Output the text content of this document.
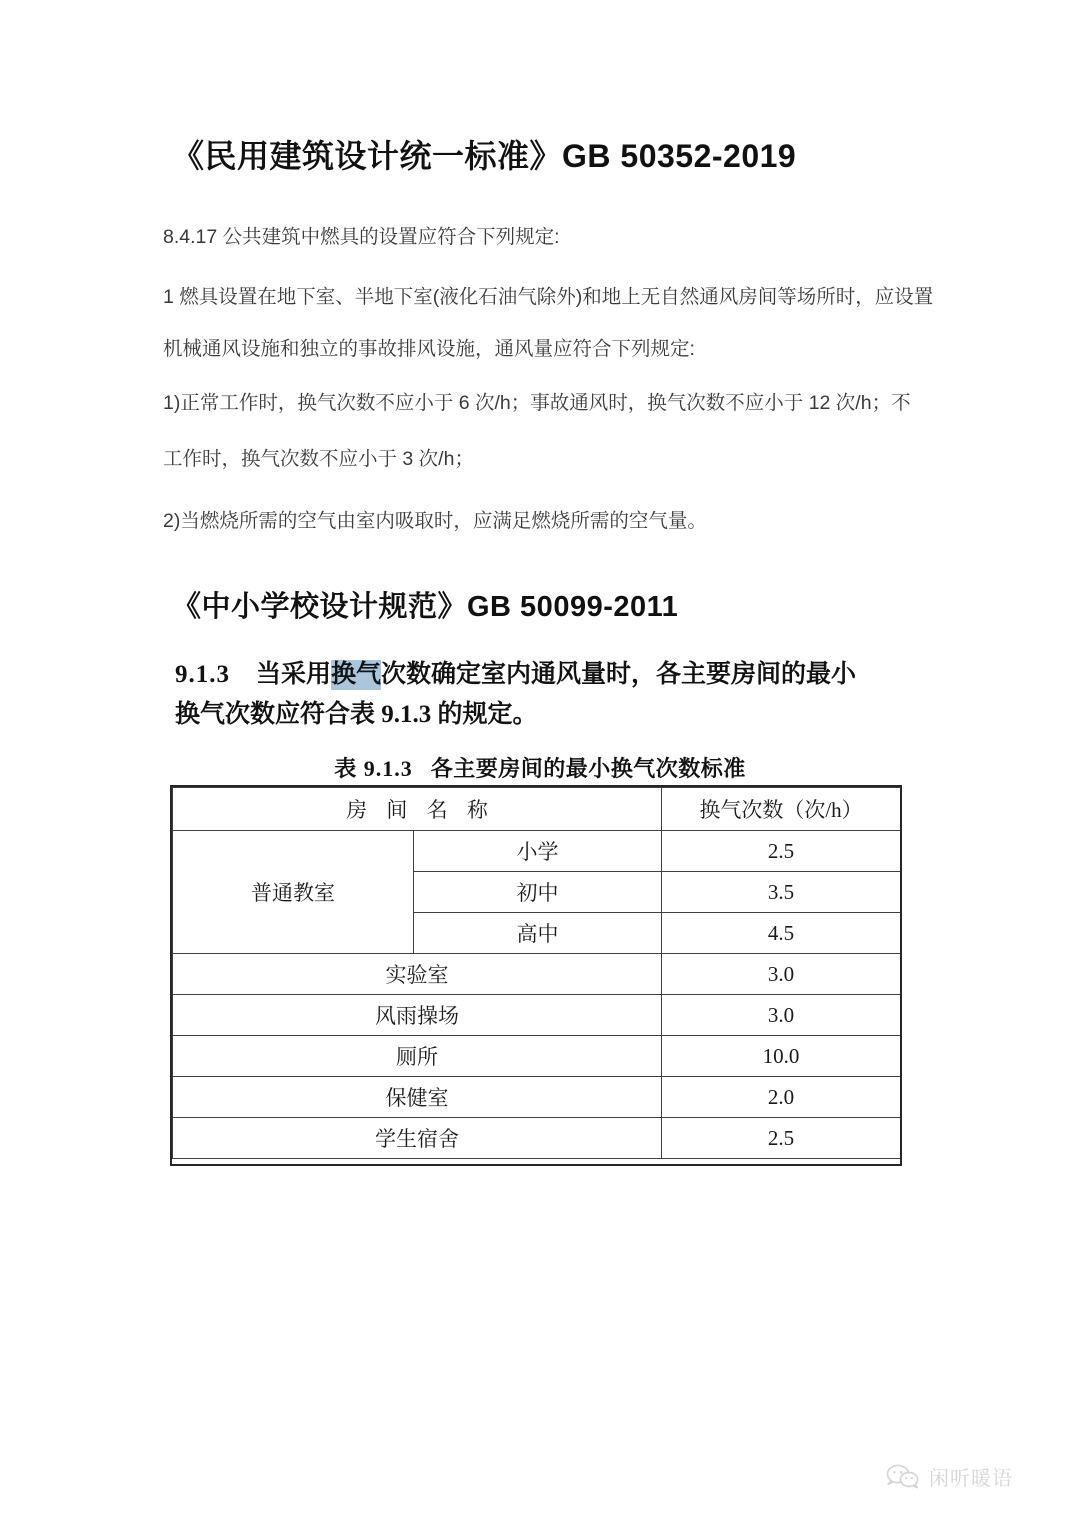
《民用建筑设计统一标准》GB 50352-2019
8.4.17 公共建筑中燃具的设置应符合下列规定:
1 燃具设置在地下室、半地下室(液化石油气除外)和地上无自然通风房间等场所时，应设置
机械通风设施和独立的事故排风设施，通风量应符合下列规定:
1)正常工作时，换气次数不应小于 6 次/h；事故通风时，换气次数不应小于 12 次/h；不
工作时，换气次数不应小于 3 次/h；
2)当燃烧所需的空气由室内吸取时，应满足燃烧所需的空气量。
《中小学校设计规范》GB 50099-2011
9.1.3 当采用换气次数确定室内通风量时，各主要房间的最小
换气次数应符合表 9.1.3 的规定。
表 9.1.3 各主要房间的最小换气次数标准
房 间 名 称		换气次数（次/h）
普通教室	小学	2.5
	初中	3.5
	高中	4.5
实验室		3.0
风雨操场		3.0
厕所		10.0
保健室		2.0
学生宿舍		2.5
闲听暖语
